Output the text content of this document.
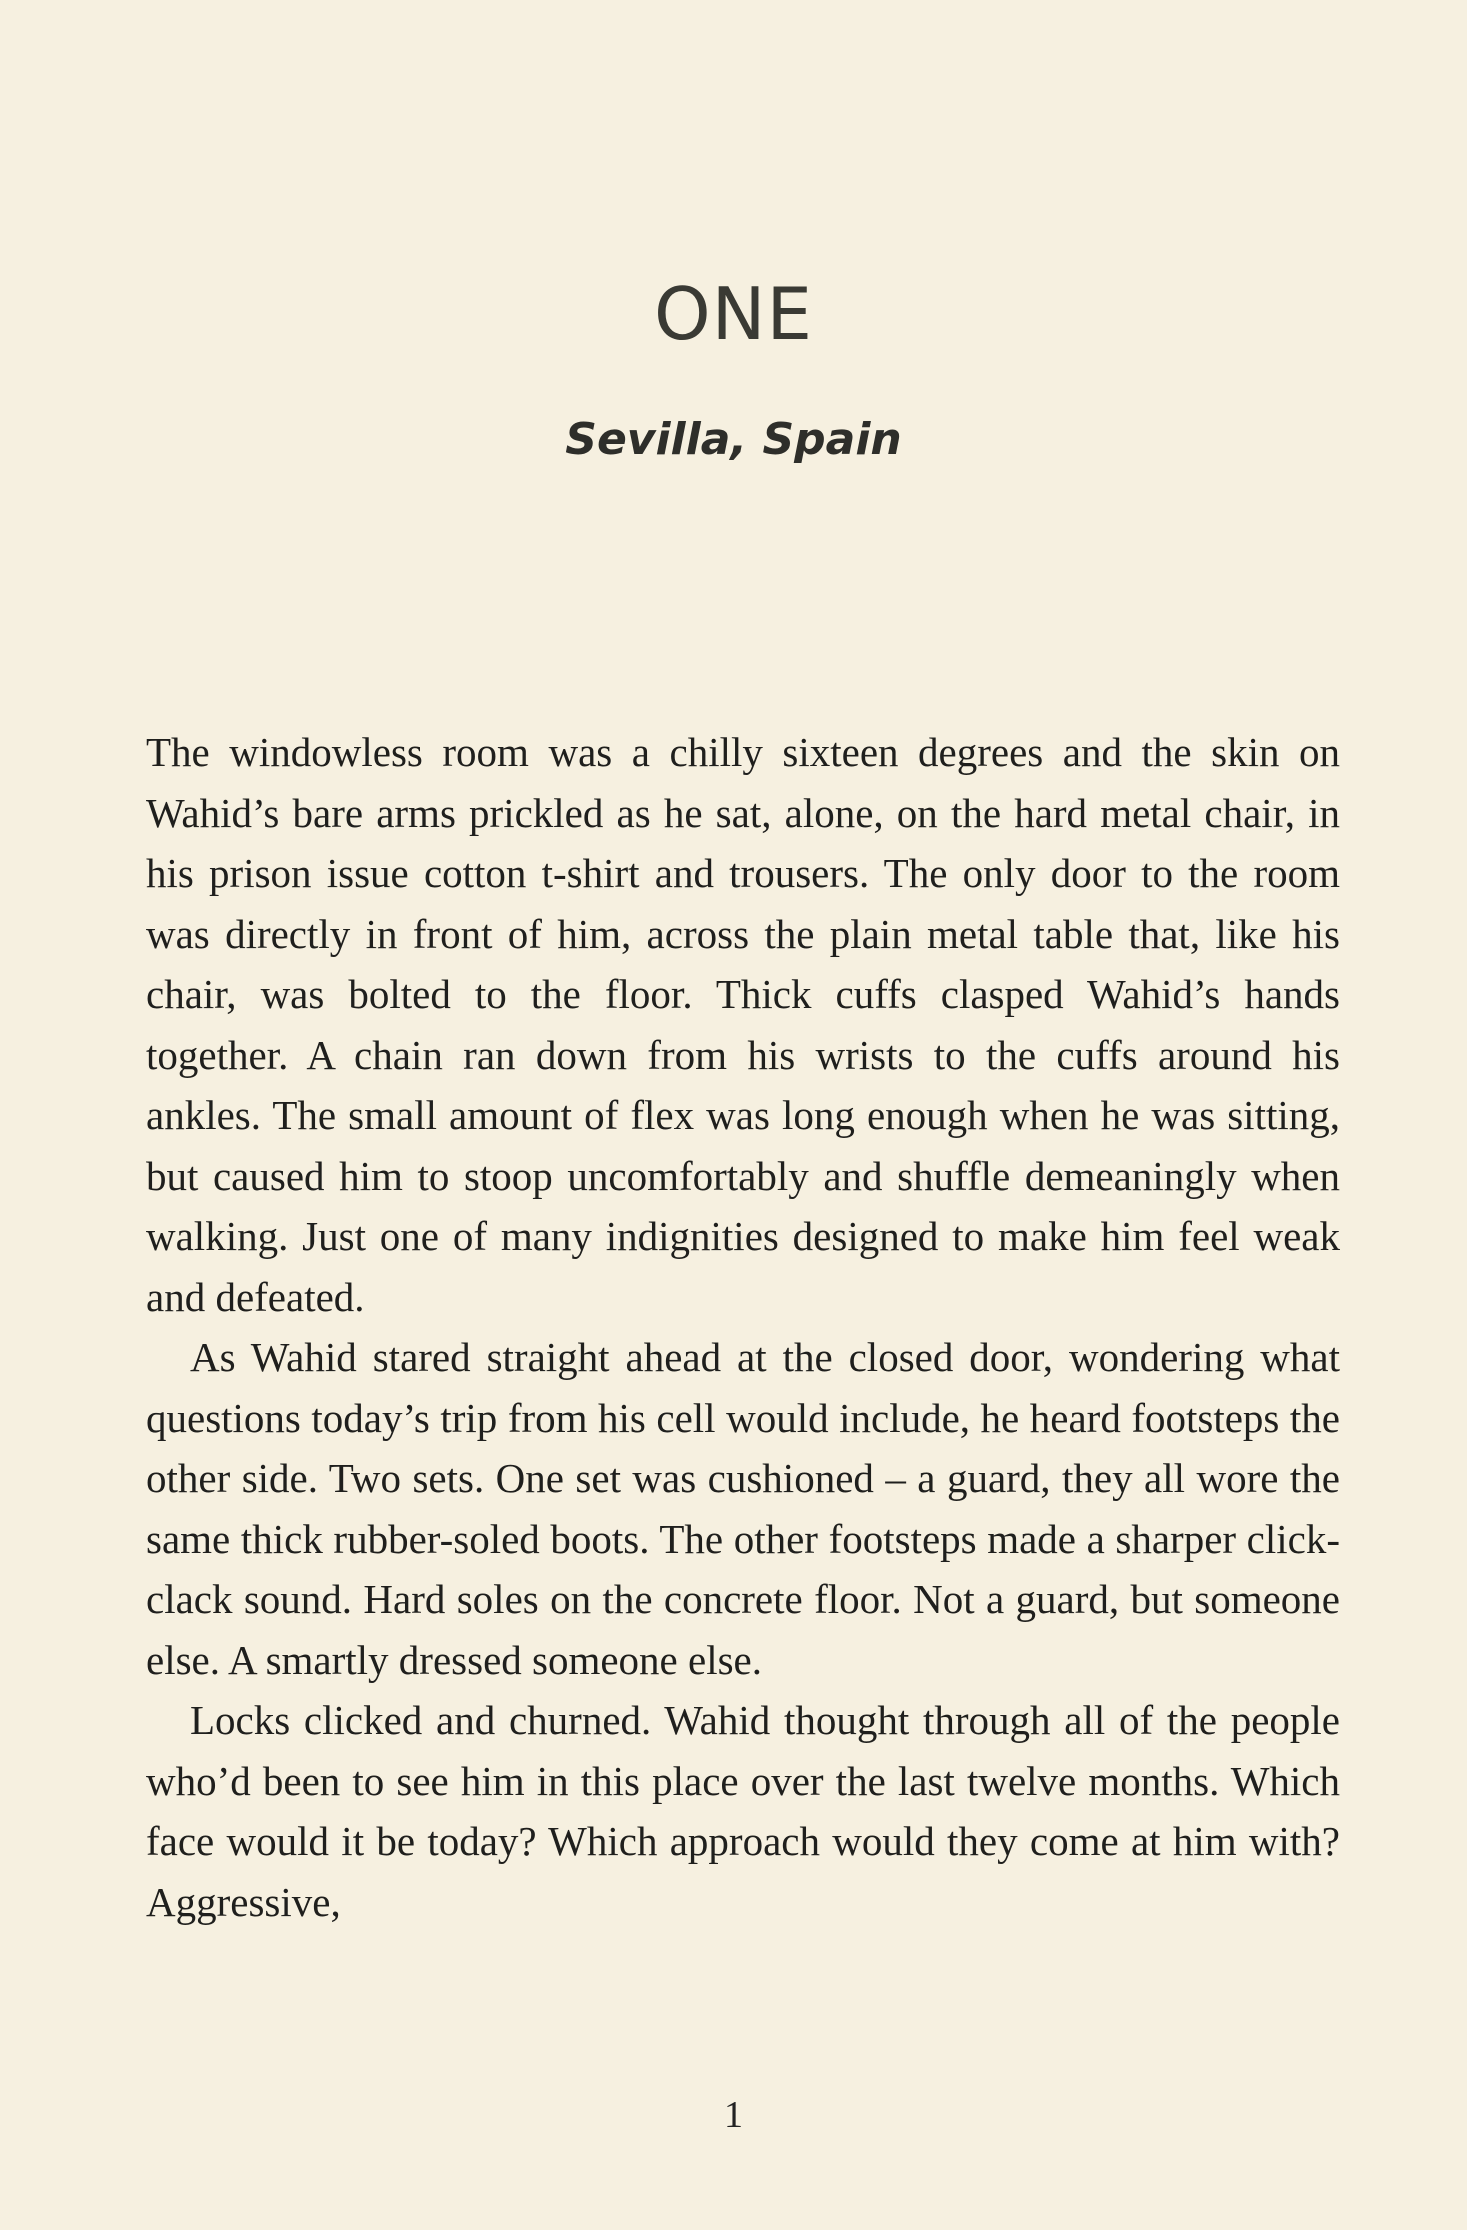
ONE
Sevilla, Spain

The windowless room was a chilly sixteen degrees and the skin on Wahid’s bare arms prickled as he sat, alone, on the hard metal chair, in his prison issue cotton t-shirt and trousers. The only door to the room was directly in front of him, across the plain metal table that, like his chair, was bolted to the floor. Thick cuffs clasped Wahid’s hands together. A chain ran down from his wrists to the cuffs around his ankles. The small amount of flex was long enough when he was sitting, but caused him to stoop uncomfortably and shuffle demeaningly when walking. Just one of many indignities designed to make him feel weak and defeated.

As Wahid stared straight ahead at the closed door, wondering what questions today’s trip from his cell would include, he heard footsteps the other side. Two sets. One set was cushioned – a guard, they all wore the same thick rubber-soled boots. The other footsteps made a sharper click-clack sound. Hard soles on the concrete floor. Not a guard, but someone else. A smartly dressed someone else.

Locks clicked and churned. Wahid thought through all of the people who’d been to see him in this place over the last twelve months. Which face would it be today? Which approach would they come at him with? Aggressive,

1
